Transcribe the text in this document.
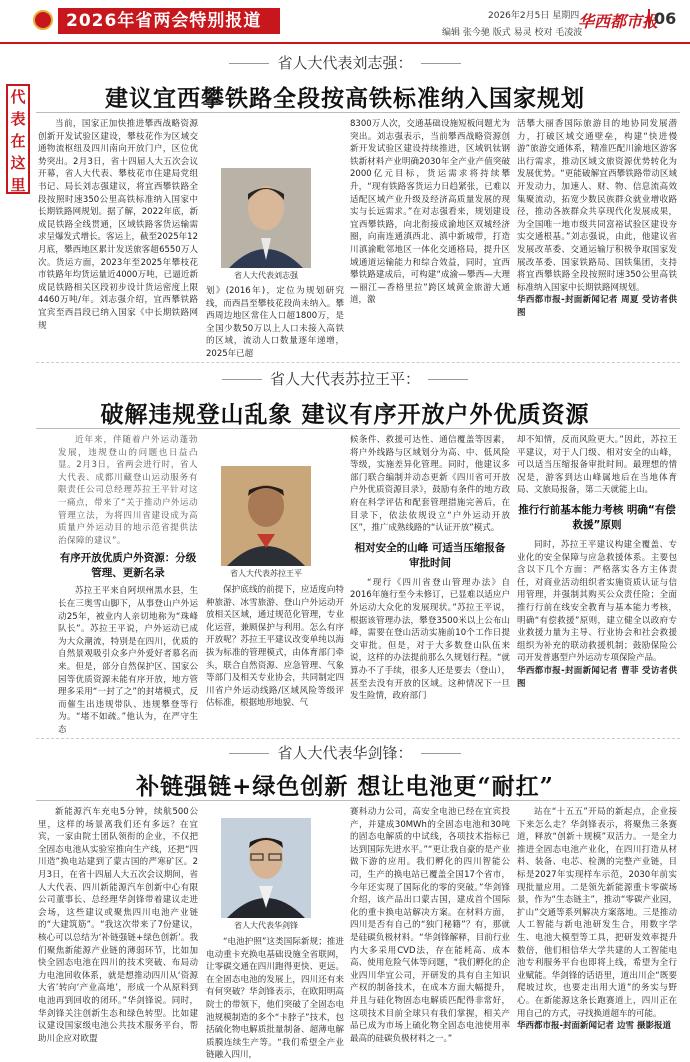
2026年省两会特别报道	2026年2月5日 星期四
编辑 张今驰 版式 易灵 校对 毛凌波
华西都市报
06
代
表
在
这
里
省人大代表刘志强：
建议宜西攀铁路全段按高铁标准纳入国家规划

当前，国家正加快推进攀西战略资源创新开发试验区建设，攀枝花作为区域交通物流枢纽及四川南向开放门户，区位优势突出。2月3日，省十四届人大五次会议开幕，省人大代表、攀枝花市住建局党组书记、局长刘志强建议，将宜西攀铁路全段按照时速350公里高铁标准纳入国家中长期铁路网规划。据了解，2022年底，新成昆铁路全线贯通，区域铁路客货运输需求呈爆发式增长。客运上，截至2025年12月底，攀西地区累计发送旅客超6550万人次。货运方面，2023年至2025年攀枝花市铁路年均货运量近4000万吨，已逼近新成昆铁路相关区段初步设计货运密度上限4460万吨/年。刘志强介绍，宜西攀铁路宜宾至西昌段已纳入国家《中长期铁路网规

省人大代表刘志强

划》(2016年)，定位为规划研究线，而西昌至攀枝花段尚未纳入。攀西周边地区常住人口超1800万，是全国少数50万以上人口未接入高铁的区域，流动人口数量逐年递增，2025年已超

8300万人次，交通基础设施短板问题尤为突出。刘志强表示，当前攀西战略资源创新开发试验区建设持续推进，区域钒钛钢铁新材料产业明确2030年全产业产值突破2000亿元目标，货运需求将持续攀升，“现有铁路客货运力日趋紧张，已难以适配区域产业升级及经济高质量发展的现实与长远需求。”在对志强看来，规划建设宜西攀铁路，向北衔接成渝地区双城经济圈，向南连通滇西北、滇中新城带，打造川滇渝毗邻地区一体化交通格局，提升区域通道运输能力和综合效益，同时，宜西攀铁路建成后，可构建“成渝—攀西—大理—丽江—香格里拉”跨区域黄金旅游大通道，激

活攀大丽香国际旅游目的地协同发展潜力，打破区域交通壁垒，构建“快进慢游”旅游交通体系，精准匹配川渝地区游客出行需求，推动区域文旅资源优势转化为发展优势。“更能破解宜西攀铁路带动区域开发动力，加速人、财、物、信息流高效集聚流动，拓宽少数民族群众就业增收路径，推动各族群众共享现代化发展成果，为全国唯一地市级共同富裕试验区建设夯实交通根基。”刘志强说，由此，他建议省发展改革委、交通运输厅积极争取国家发展改革委、国家铁路局、国铁集团，支持将宜西攀铁路全段按照时速350公里高铁标准纳入国家中长期铁路网规划。

华西都市报-封面新闻记者 周夏 受访者供图

省人大代表苏拉王平：
破解违规登山乱象 建议有序开放户外优质资源

近年来，伴随着户外运动蓬勃发展，违规登山的问题也日益凸显。2月3日，省两会进行时，省人大代表、成都川藏登山运动服务有限责任公司总经理苏拉王平针对这一痛点，带来了“关于推动户外运动管理立法，为将四川省建设成为高质量户外运动目的地示范省提供法治保障的建议”。

有序开放优质户外资源：分级管理、更新名录

苏拉王平来自阿坝州黑水县，生长在三奥雪山脚下，从事登山户外运动25年，被业内人亲切地称为“珠峰队长”。苏拉王平说，户外运动已成为大众潮流，特别是在四川，优质的自然景观吸引众多户外爱好者慕名而来。但是，部分自然保护区、国家公园等优质资源未能有序开放，地方管理多采用“一封了之”的封堵模式，反而催生出违规带队、违规攀登等行为。“堵不如疏。”他认为，在严守生态

省人大代表苏拉王平

保护底线的前提下，应适度向特种旅游、冰雪旅游、登山户外运动开放相关区域，通过规范化管理，专业化运营，兼顾保护与利用。怎么有序开放呢？苏拉王平建议改变单纯以海拔为标准的管理模式，由体育部门牵头，联合自然资源、应急管理、气象等部门及相关专业协会，共同制定四川省户外运动线路/区域风险等级评估标准，根据地形地貌、气

候条件、救援可达性、通信覆盖等因素，将户外线路与区域划分为高、中、低风险等级，实施差异化管理。同时，他建议多部门联合编制并动态更新《四川省可开放户外优质资源目录》，鼓励有条件的地方政府在科学评估和配套管理措施完善后，在目录下，依法依规设立“户外运动开放区”，推广成熟线路的“认证开放”模式。

相对安全的山峰 可适当压缩报备审批时间

“现行《四川省登山管理办法》自2016年施行至今未修订，已显难以适应户外运动大众化的发展现状。”苏拉王平说，根据该管理办法，攀登3500米以上公布山峰，需要在登山活动实施前10个工作日提交审批。但是，对于大多数登山队伍来说，这样的办法提前那么久规划行程。“就算办不了手续，很多人还是要去（登山），甚至去没有开放的区域。这种情况下一旦发生险情，政府部门

却不知情，反而风险更大。”因此，苏拉王平建议，对于人门级、相对安全的山峰，可以适当压缩报备审批时间。最理想的情况是，游客到达山峰属地后在当地体育局、文旅局报备，第二天就能上山。

推行行前基本能力考核 明确“有偿救援”原则

同时，苏拉王平建议构建全覆盖、专业化的安全保障与应急救援体系。主要包含以下几个方面：严格落实各方主体责任，对商业活动组织者实施资质认证与信用管理，并强制其购买公众责任险；全面推行行前在线安全教育与基本能力考核，明确“有偿救援”原则，建立健全以政府专业救援力量为主导、行业协会和社会救援组织为补充的联动救援机制；鼓励保险公司开发普惠型户外运动专项保险产品。

华西都市报-封面新闻记者 曹菲 受访者供图

省人大代表华剑锋：
补链强链+绿色创新 想让电池更“耐扛”

新能源汽车充电5分钟，续航500公里，这样的场景离我们还有多远？在宜宾，一家由院士团队领衔的企业，不仅把全固态电池从实验室推向生产线，还把“四川造”换电站建到了蒙古国的严寒矿区。2月3日，在省十四届人大五次会议期间，省人大代表、四川新能源汽车创新中心有限公司董事长、总经理华剑锋带着建议走进会场，这些建议或聚焦四川电池产业链的“大建筑筋”。“我这次带来了7份建议，核心可以总结为‘补链强链+绿色创新’。我们聚焦新能源产业链的薄弱环节，比如加快全固态电池在四川的技术突破、布局动力电池回收体系，就是想推动四川从‘资源大省’转向‘产业高地’，形成一个从原料到电池再到回收的闭环。”华剑锋说。同时，华剑锋关注创新生态和绿色转型。比如建议建设国家级电池公共技术服务平台，帮助川企应对欧盟

省人大代表华剑锋

“电池护照”这类国际新规；推进电动重卡充换电基础设施全省联网，让零碳交通在四川跑得更快、更远。在全固态电池的发展上，四川还有来有何突破？华剑锋表示，在欧阳明高院士的带领下，他们突破了全固态电池规模制造的多个“卡脖子”技术，包括硫化物电解质批量制备、超薄电解质膜连续生产等。“我们希望全产业链融入四川，

赛科动力公司，高安全电池已经在宜宾投产，并建成30MWh的全固态电池和30吨的固态电解质的中试线，各项技术指标已达到国际先进水平。”“更让我自豪的是产业做下游的应用。我们孵化的四川智能公司，生产的换电站已覆盖全国17个省市，今年还实现了国际化的零的突破。”华剑锋介绍，该产品出口蒙古国，建成首个国际化的重卡换电站解决方案。在材料方面，四川是否有自己的“独门秘籍”？有，那就是硅碳负极材料。“华剑锋解释，目前行业内大多采用CVD法，存在能耗高、成本高、使用危险气体等问题，“我们孵化的企业四川华宜公司，开研发的具有自主知识产权的制备技术，在成本方面大幅提升，并且与硅化物固态电解质匹配得非常好，这项技术目前全球只有我们掌握，相关产品已成为市场上硫化物全固态电池使用率最高的硅碳负极材料之一。”

站在“十五五”开局的新起点，企业接下来怎么走？华剑锋表示，将聚焦三条赛道，释放“创新＋规模”双活力。一是全力推进全固态电池产业化，在四川打造从材料、装备、电芯、检测的完整产业链，目标是2027年实现样车示范，2030年前实现批量应用。二是领先新能源重卡零碳场景，作为“生态链主”，推动“零碳产业园，扩山”交通等系列解决方案落地。三是推动人工智能与新电池研发生合，用数字学生、电池大模型等工具，把研发效率提升数倍，他们相信华大学共建的人工智能电池专利服务平台也即将上线，希望为全行业赋能。华剑锋的话语里，道出川企“既要爬坡过坎，也要走出用大道”的务实与野心。在新能源这条长跑赛道上，四川正在用自己的方式，寻找换道超车的可能。

华西都市报-封面新闻记者 边雪 摄影报道
